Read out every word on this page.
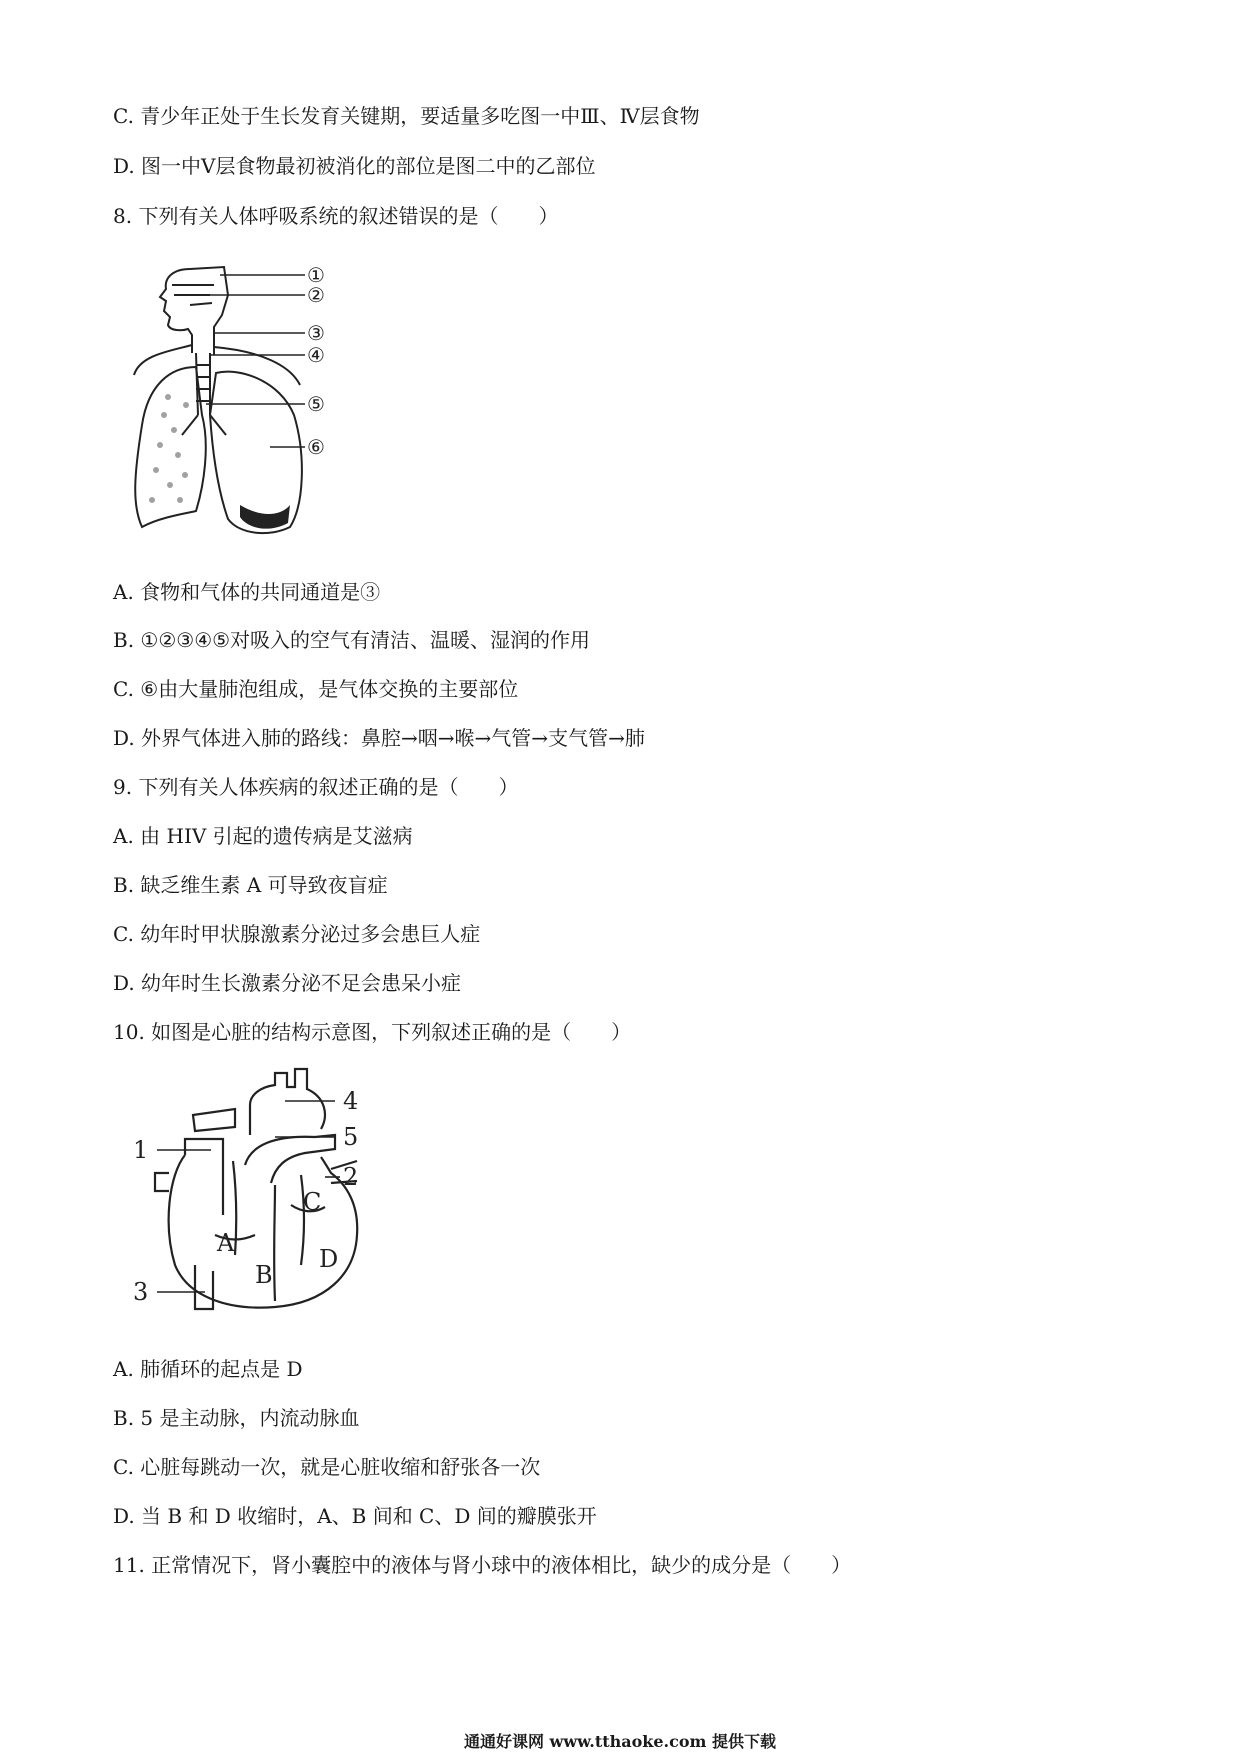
C. 青少年正处于生长发育关键期，要适量多吃图一中Ⅲ、Ⅳ层食物
D. 图一中Ⅴ层食物最初被消化的部位是图二中的乙部位
8. 下列有关人体呼吸系统的叙述错误的是（　　）
①
②
③
④
⑤
⑥
A. 食物和气体的共同通道是③
B. ①②③④⑤对吸入的空气有清洁、温暖、湿润的作用
C. ⑥由大量肺泡组成，是气体交换的主要部位
D. 外界气体进入肺的路线：鼻腔→咽→喉→气管→支气管→肺
9. 下列有关人体疾病的叙述正确的是（　　）
A. 由 HIV 引起的遗传病是艾滋病
B. 缺乏维生素 A 可导致夜盲症
C. 幼年时甲状腺激素分泌过多会患巨人症
D. 幼年时生长激素分泌不足会患呆小症
10. 如图是心脏的结构示意图，下列叙述正确的是（　　）
4
5
1
2
3
A
B
C
D
A. 肺循环的起点是 D
B. 5 是主动脉，内流动脉血
C. 心脏每跳动一次，就是心脏收缩和舒张各一次
D. 当 B 和 D 收缩时，A、B 间和 C、D 间的瓣膜张开
11. 正常情况下，肾小囊腔中的液体与肾小球中的液体相比，缺少的成分是（　　）
通通好课网 www.tthaoke.com 提供下载
